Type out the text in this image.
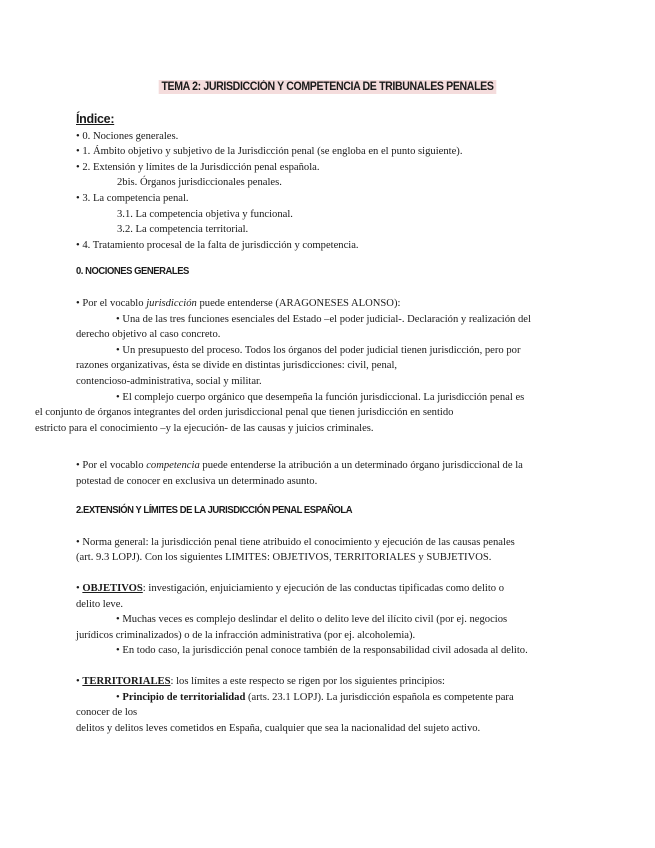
TEMA 2: JURISDICCIÓN Y COMPETENCIA DE TRIBUNALES PENALES
Índice:
• 0. Nociones generales.
• 1. Ámbito objetivo y subjetivo de la Jurisdicción penal (se engloba en el punto siguiente).
• 2. Extensión y límites de la Jurisdicción penal española.
2bis. Órganos jurisdiccionales penales.
• 3. La competencia penal.
3.1. La competencia objetiva y funcional.
3.2. La competencia territorial.
• 4. Tratamiento procesal de la falta de jurisdicción y competencia.
0. NOCIONES GENERALES
• Por el vocablo jurisdicción puede entenderse (ARAGONESES ALONSO):
• Una de las tres funciones esenciales del Estado –el poder judicial-. Declaración y realización del
derecho objetivo al caso concreto.
• Un presupuesto del proceso. Todos los órganos del poder judicial tienen jurisdicción, pero por
razones organizativas, ésta se divide en distintas jurisdicciones: civil, penal,
contencioso-administrativa, social y militar.
• El complejo cuerpo orgánico que desempeña la función jurisdiccional. La jurisdicción penal es
el conjunto de órganos integrantes del orden jurisdiccional penal que tienen jurisdicción en sentido
estricto para el conocimiento –y la ejecución- de las causas y juicios criminales.
• Por el vocablo competencia puede entenderse la atribución a un determinado órgano jurisdiccional de la
potestad de conocer en exclusiva un determinado asunto.
2.EXTENSIÓN Y LÍMITES DE LA JURISDICCIÓN PENAL ESPAÑOLA
• Norma general: la jurisdicción penal tiene atribuido el conocimiento y ejecución de las causas penales
(art. 9.3 LOPJ). Con los siguientes LIMITES: OBJETIVOS, TERRITORIALES y SUBJETIVOS.
• OBJETIVOS: investigación, enjuiciamiento y ejecución de las conductas tipificadas como delito o
delito leve.
• Muchas veces es complejo deslindar el delito o delito leve del ilícito civil (por ej. negocios
jurídicos criminalizados) o de la infracción administrativa (por ej. alcoholemia).
• En todo caso, la jurisdicción penal conoce también de la responsabilidad civil adosada al delito.
• TERRITORIALES: los límites a este respecto se rigen por los siguientes principios:
• Principio de territorialidad (arts. 23.1 LOPJ). La jurisdicción española es competente para
conocer de los
delitos y delitos leves cometidos en España, cualquier que sea la nacionalidad del sujeto activo.
